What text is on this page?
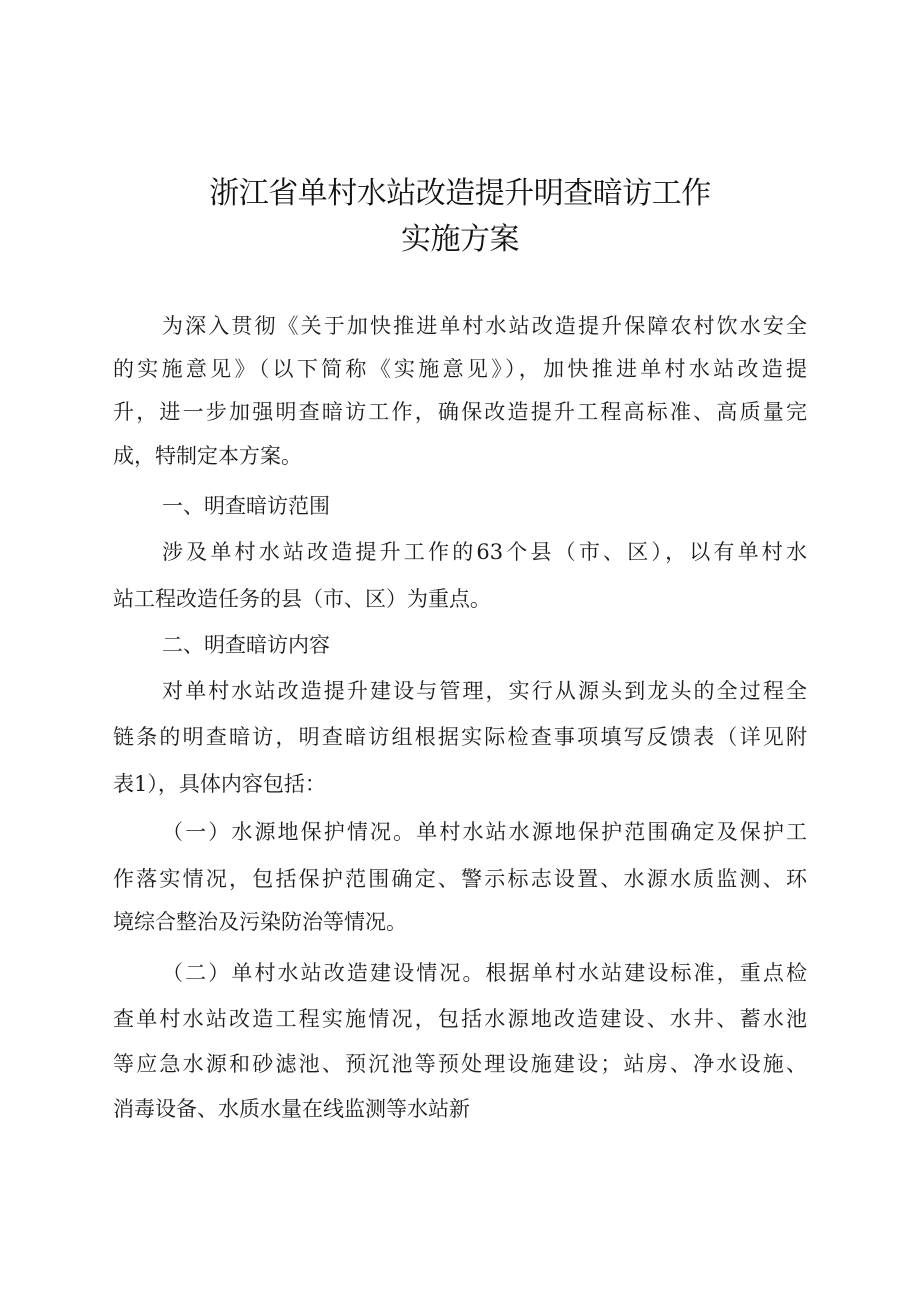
浙江省单村水站改造提升明查暗访工作
实施方案
为深入贯彻《关于加快推进单村水站改造提升保障农村饮水安全
的实施意见》（以下简称《实施意见》），加快推进单村水站改造提
升，进一步加强明查暗访工作，确保改造提升工程高标准、高质量完
成，特制定本方案。
一、明查暗访范围
涉及单村水站改造提升工作的63个县（市、区），以有单村水
站工程改造任务的县（市、区）为重点。
二、明查暗访内容
对单村水站改造提升建设与管理，实行从源头到龙头的全过程全
链条的明查暗访，明查暗访组根据实际检查事项填写反馈表（详见附
表1），具体内容包括：
（一）水源地保护情况。单村水站水源地保护范围确定及保护工
作落实情况，包括保护范围确定、警示标志设置、水源水质监测、环
境综合整治及污染防治等情况。
（二）单村水站改造建设情况。根据单村水站建设标准，重点检
查单村水站改造工程实施情况，包括水源地改造建设、水井、蓄水池
等应急水源和砂滤池、预沉池等预处理设施建设；站房、净水设施、
消毒设备、水质水量在线监测等水站新
